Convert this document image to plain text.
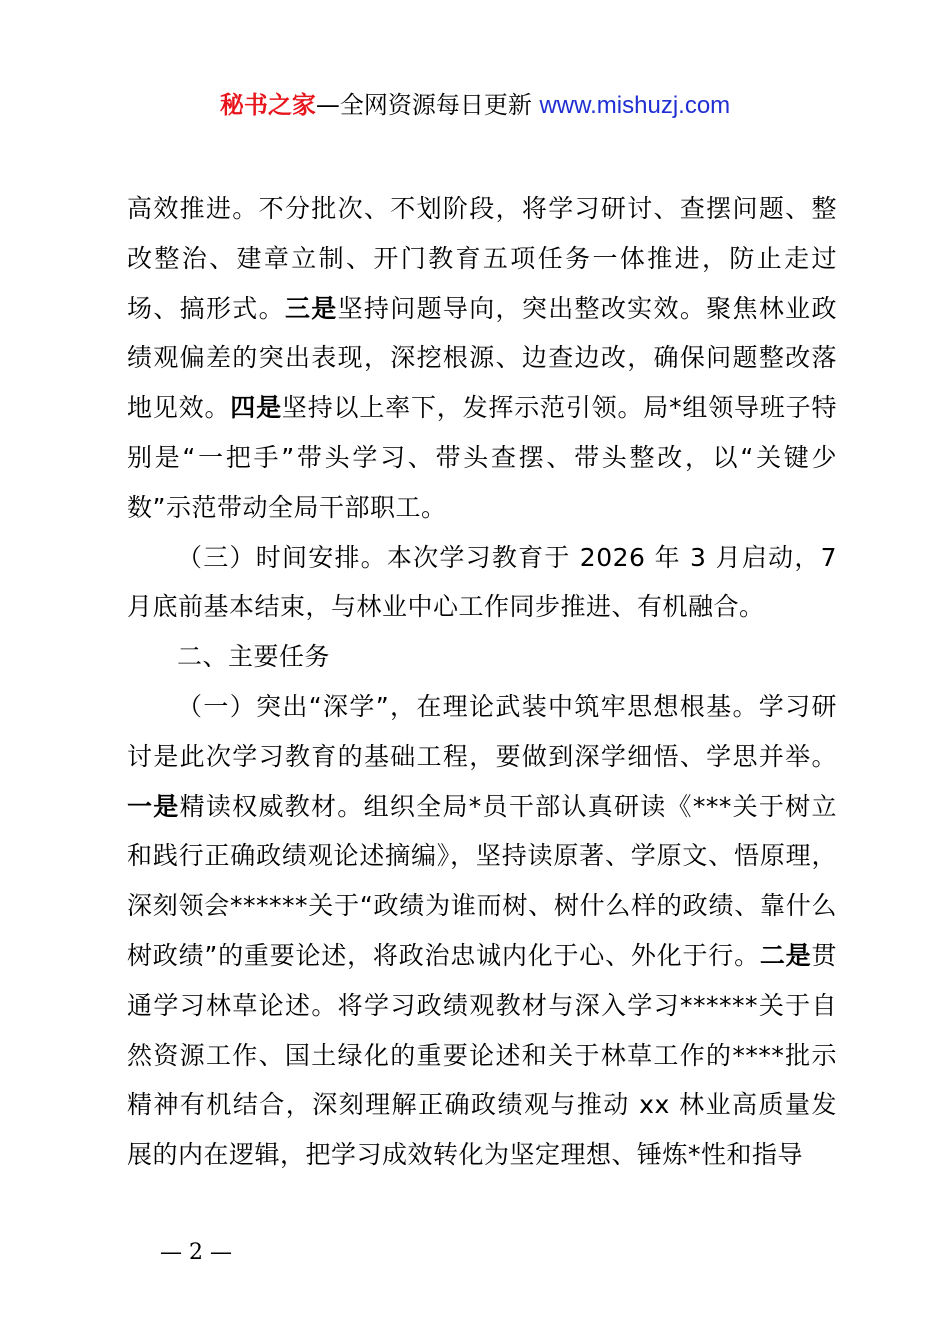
秘书之家—全网资源每日更新 www.mishuzj.com

高效推进。不分批次、不划阶段，将学习研讨、查摆问题、整改整治、建章立制、开门教育五项任务一体推进，防止走过场、搞形式。三是坚持问题导向，突出整改实效。聚焦林业政绩观偏差的突出表现，深挖根源、边查边改，确保问题整改落地见效。四是坚持以上率下，发挥示范引领。局*组领导班子特别是“一把手”带头学习、带头查摆、带头整改，以“关键少数”示范带动全局干部职工。

（三）时间安排。本次学习教育于 2026 年 3 月启动，7 月底前基本结束，与林业中心工作同步推进、有机融合。

二、主要任务

（一）突出“深学”，在理论武装中筑牢思想根基。学习研讨是此次学习教育的基础工程，要做到深学细悟、学思并举。一是精读权威教材。组织全局*员干部认真研读《***关于树立和践行正确政绩观论述摘编》，坚持读原著、学原文、悟原理，深刻领会******关于“政绩为谁而树、树什么样的政绩、靠什么树政绩”的重要论述，将政治忠诚内化于心、外化于行。二是贯通学习林草论述。将学习政绩观教材与深入学习******关于自然资源工作、国土绿化的重要论述和关于林草工作的****批示精神有机结合，深刻理解正确政绩观与推动 xx 林业高质量发展的内在逻辑，把学习成效转化为坚定理想、锤炼*性和指导

— 2 —
